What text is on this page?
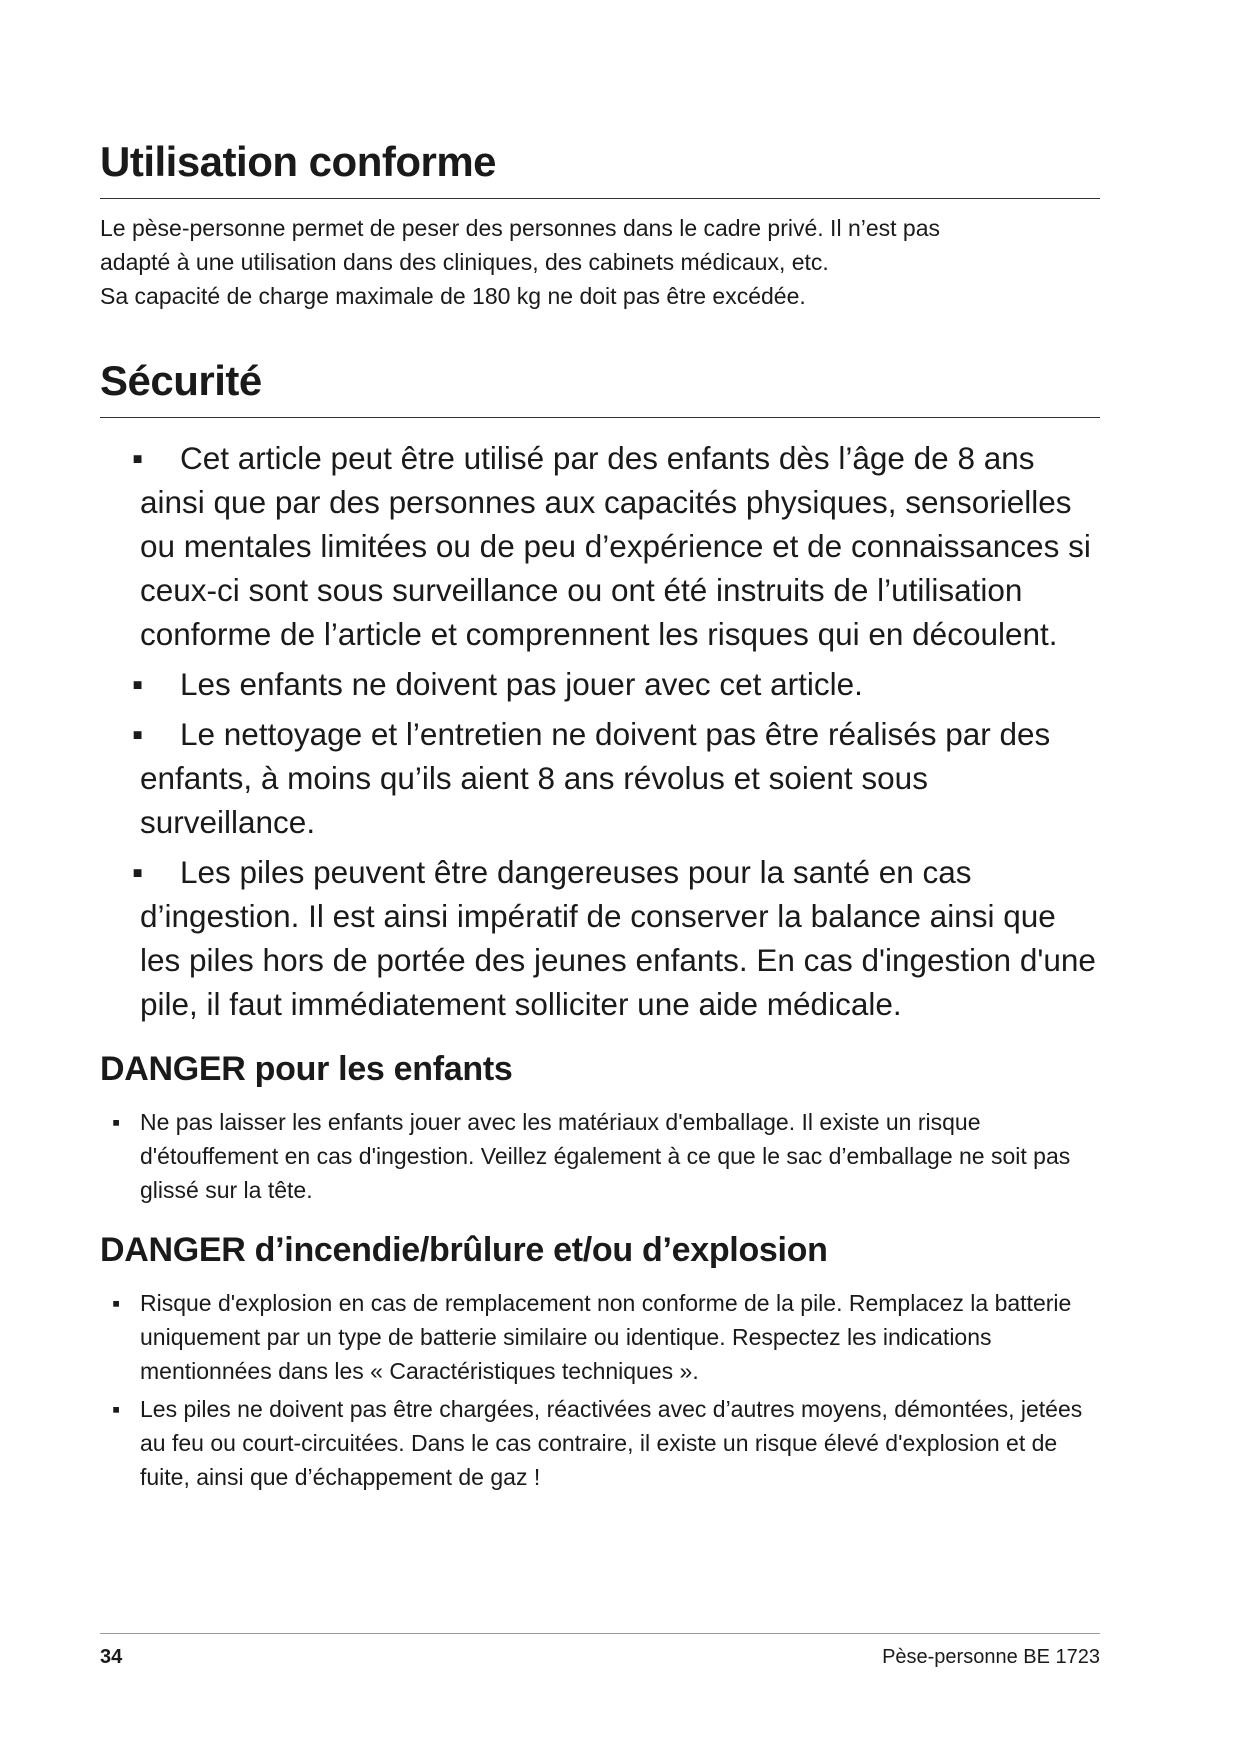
Utilisation conforme

Le pèse-personne permet de peser des personnes dans le cadre privé. Il n’est pas

adapté à une utilisation dans des cliniques, des cabinets médicaux, etc.

Sa capacité de charge maximale de 180 kg ne doit pas être excédée.

Sécurité
▪ Cet article peut être utilisé par des enfants dès l’âge de 8 ans ainsi que par des personnes aux capacités physiques, sensorielles ou mentales limitées ou de peu d’expérience et de connaissances si ceux-ci sont sous surveillance ou ont été instruits de l’utilisation conforme de l’article et comprennent les risques qui en découlent.
▪ Les enfants ne doivent pas jouer avec cet article.
▪ Le nettoyage et l’entretien ne doivent pas être réalisés par des enfants, à moins qu’ils aient 8 ans révolus et soient sous surveillance.
▪ Les piles peuvent être dangereuses pour la santé en cas d’ingestion. Il est ainsi impératif de conserver la balance ainsi que les piles hors de portée des jeunes enfants. En cas d'ingestion d'une pile, il faut immédiatement solliciter une aide médicale.
DANGER pour les enfants
▪ Ne pas laisser les enfants jouer avec les matériaux d'emballage. Il existe un risque d'étouffement en cas d'ingestion. Veillez également à ce que le sac d’emballage ne soit pas glissé sur la tête.
DANGER d’incendie/brûlure et/ou d’explosion
▪ Risque d'explosion en cas de remplacement non conforme de la pile. Remplacez la batterie uniquement par un type de batterie similaire ou identique. Respectez les indications mentionnées dans les « Caractéristiques techniques ».
▪ Les piles ne doivent pas être chargées, réactivées avec d’autres moyens, démontées, jetées au feu ou court-circuitées. Dans le cas contraire, il existe un risque élevé d'explosion et de fuite, ainsi que d’échappement de gaz !
34	Pèse-personne BE 1723
